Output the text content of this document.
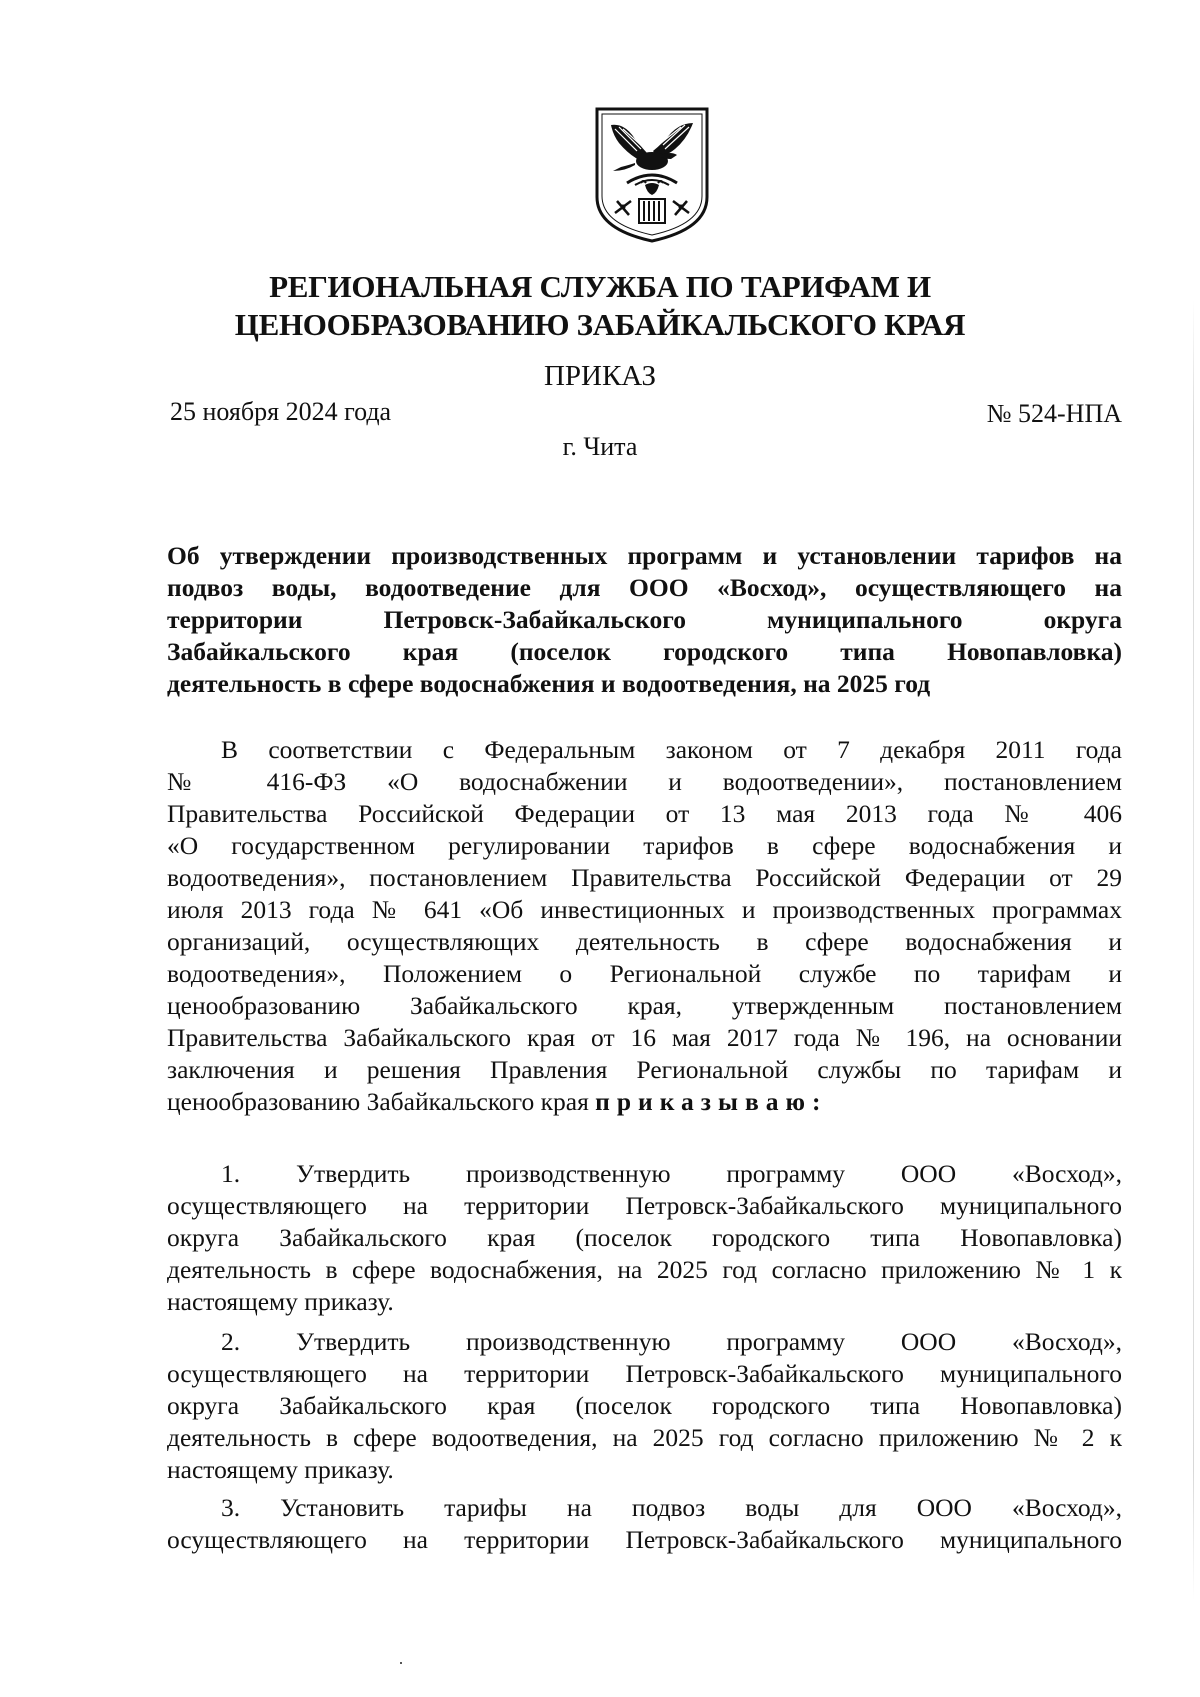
РЕГИОНАЛЬНАЯ СЛУЖБА ПО ТАРИФАМ И
ЦЕНООБРАЗОВАНИЮ ЗАБАЙКАЛЬСКОГО КРАЯ
ПРИКАЗ
25 ноября 2024 года	№ 524-НПА
г. Чита
Об утверждении производственных программ и установлении тарифов на
подвоз воды, водоотведение для ООО «Восход», осуществляющего на
территории Петровск-Забайкальского муниципального округа
Забайкальского края (поселок городского типа Новопавловка)
деятельность в сфере водоснабжения и водоотведения, на 2025 год
В соответствии с Федеральным законом от 7 декабря 2011 года
№ 416-ФЗ «О водоснабжении и водоотведении», постановлением
Правительства Российской Федерации от 13 мая 2013 года № 406
«О государственном регулировании тарифов в сфере водоснабжения и
водоотведения», постановлением Правительства Российской Федерации от 29
июля 2013 года № 641 «Об инвестиционных и производственных программах
организаций, осуществляющих деятельность в сфере водоснабжения и
водоотведения», Положением о Региональной службе по тарифам и
ценообразованию Забайкальского края, утвержденным постановлением
Правительства Забайкальского края от 16 мая 2017 года № 196, на основании
заключения и решения Правления Региональной службы по тарифам и
ценообразованию Забайкальского края приказываю:
1. Утвердить производственную программу ООО «Восход»,
осуществляющего на территории Петровск-Забайкальского муниципального
округа Забайкальского края (поселок городского типа Новопавловка)
деятельность в сфере водоснабжения, на 2025 год согласно приложению № 1 к
настоящему приказу.
2. Утвердить производственную программу ООО «Восход»,
осуществляющего на территории Петровск-Забайкальского муниципального
округа Забайкальского края (поселок городского типа Новопавловка)
деятельность в сфере водоотведения, на 2025 год согласно приложению № 2 к
настоящему приказу.
3. Установить тарифы на подвоз воды для ООО «Восход»,
осуществляющего на территории Петровск-Забайкальского муниципального
